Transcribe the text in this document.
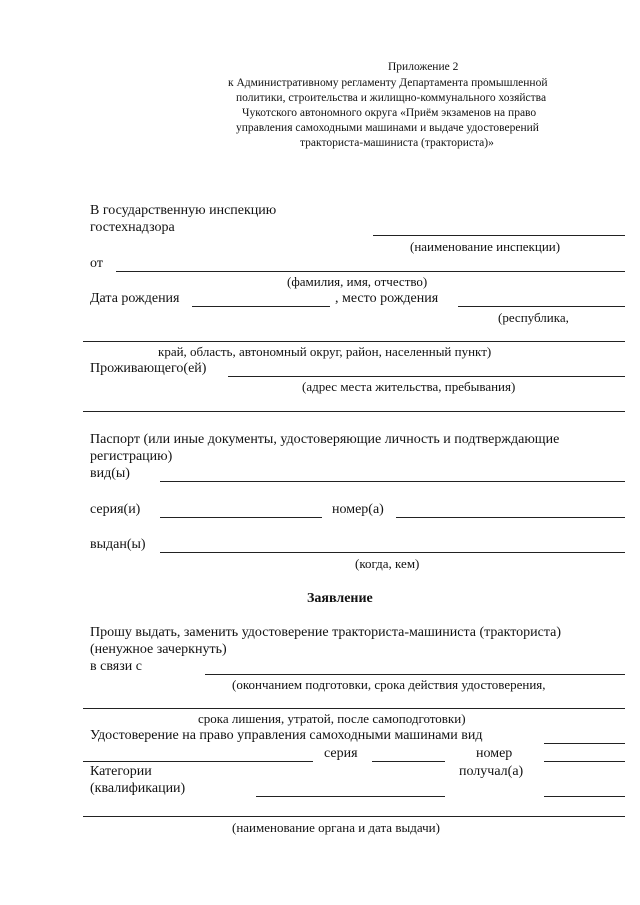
Приложение 2
к Административному регламенту Департамента промышленной
политики, строительства и жилищно-коммунального хозяйства
Чукотского автономного округа «Приём экзаменов на право
управления самоходными машинами и выдаче удостоверений
тракториста-машиниста (тракториста)»
В государственную инспекцию
гостехнадзора
(наименование инспекции)
от
(фамилия, имя, отчество)
Дата рождения	, место рождения
(республика,
край, область, автономный округ, район, населенный пункт)
Проживающего(ей)
(адрес места жительства, пребывания)
Паспорт (или иные документы, удостоверяющие личность и подтверждающие
регистрацию)
вид(ы)
серия(и)	номер(а)
выдан(ы)
(когда, кем)
Заявление
Прошу выдать, заменить удостоверение тракториста-машиниста (тракториста)
(ненужное зачеркнуть)
в связи с
(окончанием подготовки, срока действия удостоверения,
срока лишения, утратой, после самоподготовки)
Удостоверение на право управления самоходными машинами вид
серия	номер
Категории	получал(а)
(квалификации)
(наименование органа и дата выдачи)
